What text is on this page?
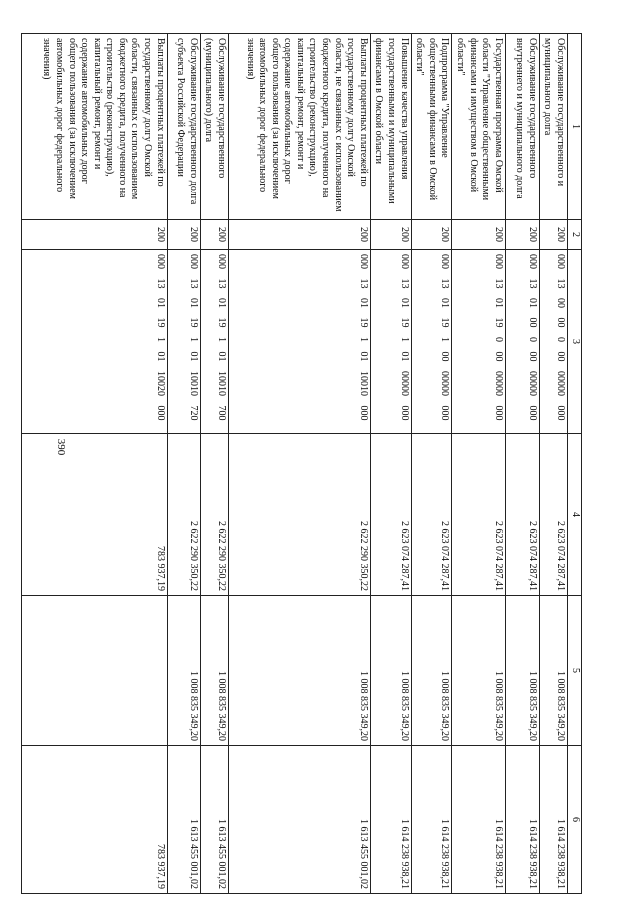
390
1	2	3	4	5	6
Обслуживание государственного и муниципального долга	200	000 13 00 00 0 00 00000 000	2 623 074 287,41	1 008 835 349,20	1 614 238 938,21
Обслуживание государственного внутреннего и муниципального долга	200	000 13 01 00 0 00 00000 000	2 623 074 287,41	1 008 835 349,20	1 614 238 938,21
Государственная программа Омской области "Управление общественными финансами и имуществом в Омской области"	200	000 13 01 19 0 00 00000 000	2 623 074 287,41	1 008 835 349,20	1 614 238 938,21
Подпрограмма "Управление общественными финансами в Омской области"	200	000 13 01 19 1 00 00000 000	2 623 074 287,41	1 008 835 349,20	1 614 238 938,21
Повышение качества управления государственными и муниципальными финансами в Омской области	200	000 13 01 19 1 01 00000 000	2 623 074 287,41	1 008 835 349,20	1 614 238 938,21
Выплаты процентных платежей по государственному долгу Омской области, не связанных с использованием бюджетного кредита, полученного на строительство (реконструкцию), капитальный ремонт, ремонт и содержание автомобильных дорог общего пользования (за исключением автомобильных дорог федерального значения)	200	000 13 01 19 1 01 10010 000	2 622 290 350,22	1 008 835 349,20	1 613 455 001,02
Обслуживание государственного (муниципального) долга	200	000 13 01 19 1 01 10010 700	2 622 290 350,22	1 008 835 349,20	1 613 455 001,02
Обслуживание государственного долга субъекта Российской Федерации	200	000 13 01 19 1 01 10010 720	2 622 290 350,22	1 008 835 349,20	1 613 455 001,02
Выплаты процентных платежей по государственному долгу Омской области, связанных с использованием бюджетного кредита, полученного на строительство (реконструкцию), капитальный ремонт, ремонт и содержание автомобильных дорог общего пользования (за исключением автомобильных дорог федерального значения)	200	000 13 01 19 1 01 10020 000	783 937,19		783 937,19
